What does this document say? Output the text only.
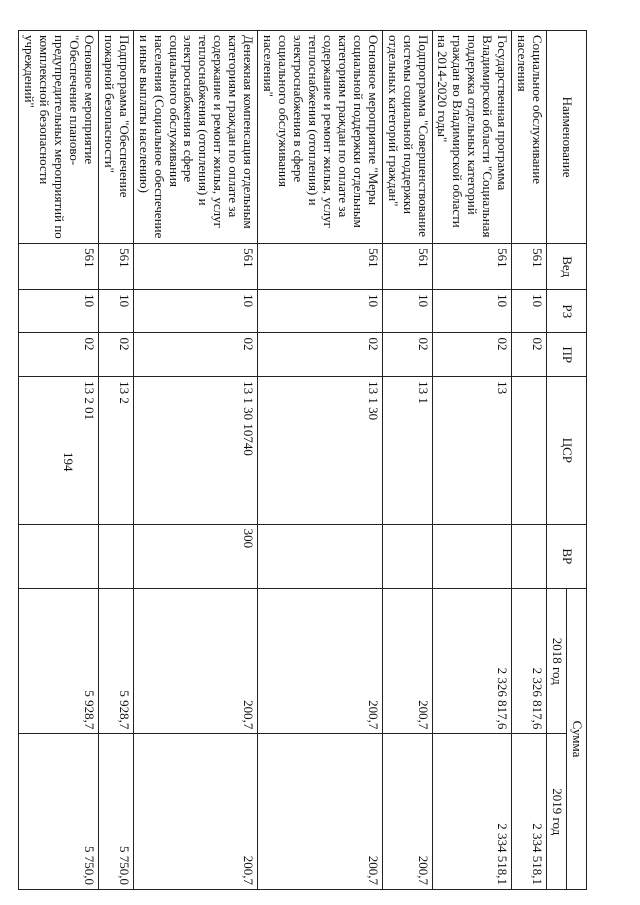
194
Наименование	Вед	РЗ	ПР	ЦСР	ВР	Сумма	
						2018 год	2019 год
Социальное обслуживание населения	561	10	02			2 326 817,6	2 334 518,1
Государственная программа Владимирской области "Социальная поддержка отдельных категорий граждан во Владимирской области на 2014-2020 годы"	561	10	02	13		2 326 817,6	2 334 518,1
Подпрограмма "Совершенствование системы социальной поддержки отдельных категорий граждан"	561	10	02	13 1		200,7	200,7
Основное мероприятие "Меры социальной поддержки отдельным категориям граждан по оплате за содержание и ремонт жилья, услуг теплоснабжения (отопления) и электроснабжения в сфере социального обслуживания населения"	561	10	02	13 1 30		200,7	200,7
Денежная компенсация отдельным категориям граждан по оплате за содержание и ремонт жилья, услуг теплоснабжения (отопления) и электроснабжения в сфере социального обслуживания населения (Социальное обеспечение и иные выплаты населению)	561	10	02	13 1 30 10740	300	200,7	200,7
Подпрограмма "Обеспечение пожарной безопасности"	561	10	02	13 2		5 928,7	5 750,0
Основное мероприятие "Обеспечение планово-предупредительных мероприятий по комплексной безопасности учреждений"	561	10	02	13 2 01		5 928,7	5 750,0
